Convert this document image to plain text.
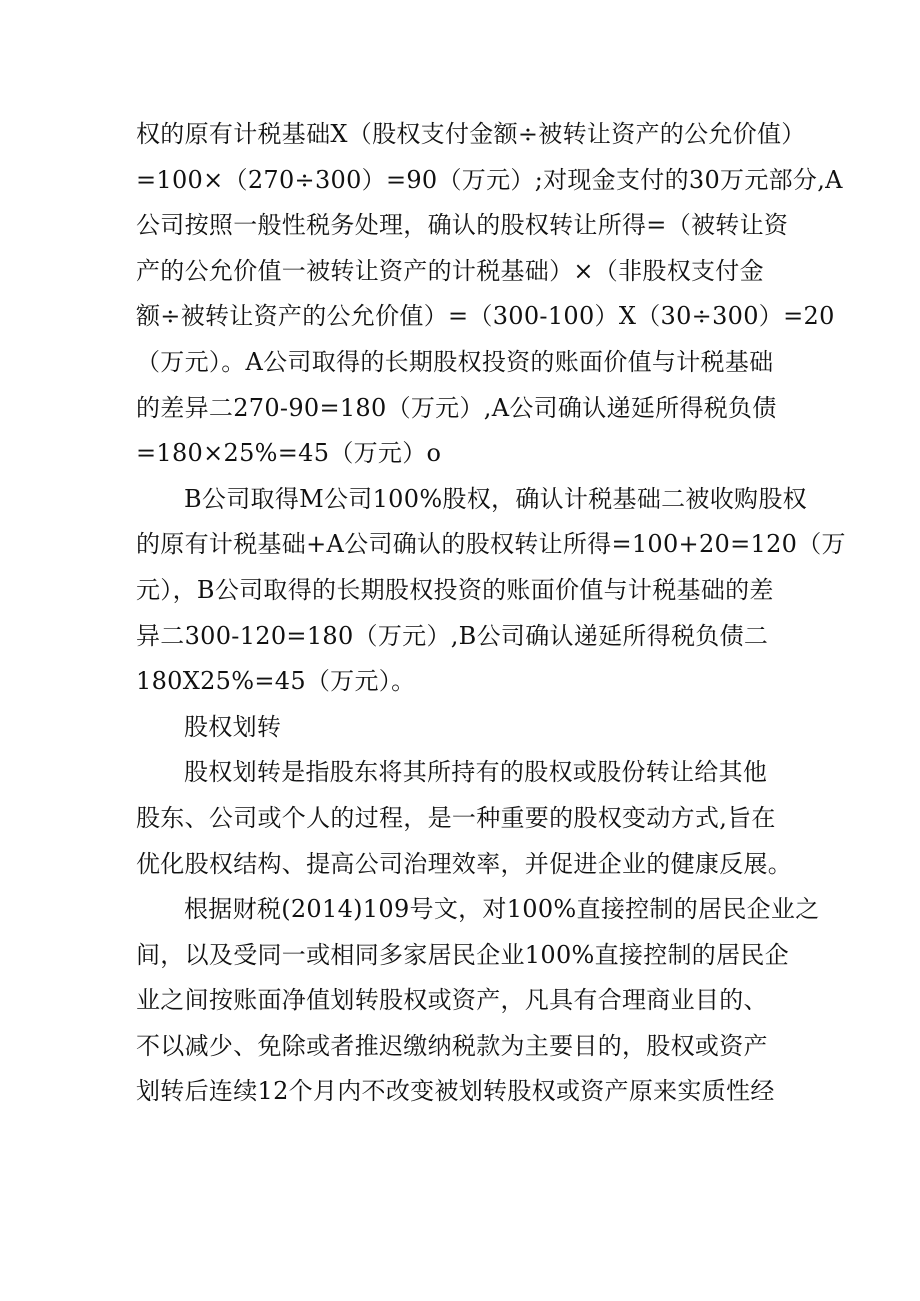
权的原有计税基础X（股权支付金额÷被转让资产的公允价值）
=100×（270÷300）=90（万元）;对现金支付的30万元部分,A
公司按照一般性税务处理，确认的股权转让所得=（被转让资
产的公允价值一被转让资产的计税基础）×（非股权支付金
额÷被转让资产的公允价值）=（300-100）X（30÷300）=20
（万元）。A公司取得的长期股权投资的账面价值与计税基础
的差异二270-90=180（万元）,A公司确认递延所得税负债
=180×25%=45（万元）o

B公司取得M公司100%股权，确认计税基础二被收购股权
的原有计税基础+A公司确认的股权转让所得=100+20=120（万
元），B公司取得的长期股权投资的账面价值与计税基础的差
异二300-120=180（万元）,B公司确认递延所得税负债二
180X25%=45（万元）。

股权划转

股权划转是指股东将其所持有的股权或股份转让给其他
股东、公司或个人的过程，是一种重要的股权变动方式,旨在
优化股权结构、提高公司治理效率，并促进企业的健康反展。

根据财税(2014)109号文，对100%直接控制的居民企业之
间，以及受同一或相同多家居民企业100%直接控制的居民企
业之间按账面净值划转股权或资产，凡具有合理商业目的、
不以减少、免除或者推迟缴纳税款为主要目的，股权或资产
划转后连续12个月内不改变被划转股权或资产原来实质性经
